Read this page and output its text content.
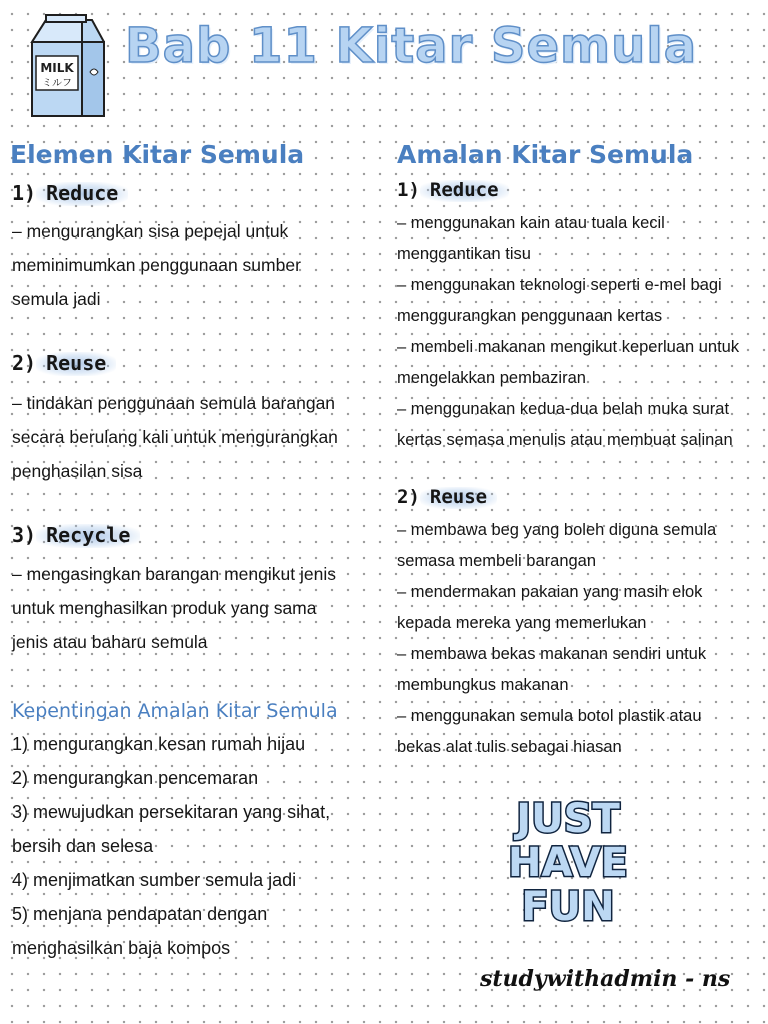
MILK
ミルフ
Bab 11 Kitar Semula
Elemen Kitar Semula
1) Reduce

– mengurangkan sisa pepejal untuk
meminimumkan penggunaan sumber
semula jadi

2) Reuse

– tindakan penggunaan semula barangan
secara berulang kali untuk mengurangkan
penghasilan sisa

3) Recycle

– mengasingkan barangan mengikut jenis
untuk menghasilkan produk yang sama
jenis atau baharu semula

Kepentingan Amalan Kitar Semula

1) mengurangkan kesan rumah hijau
2) mengurangkan pencemaran
3) mewujudkan persekitaran yang sihat,
bersih dan selesa
4) menjimatkan sumber semula jadi
5) menjana pendapatan dengan
menghasilkan baja kompos

Amalan Kitar Semula
1) Reduce

– menggunakan kain atau tuala kecil
menggantikan tisu
– menggunakan teknologi seperti e-mel bagi
menggurangkan penggunaan kertas
– membeli makanan mengikut keperluan untuk
mengelakkan pembaziran
– menggunakan kedua-dua belah muka surat
kertas semasa menulis atau membuat salinan

2) Reuse

– membawa beg yang boleh diguna semula
semasa membeli barangan
– mendermakan pakaian yang masih elok
kepada mereka yang memerlukan
– membawa bekas makanan sendiri untuk
membungkus makanan
– menggunakan semula botol plastik atau
bekas alat tulis sebagai hiasan

JUST
HAVE
FUN

studywithadmin - ns
